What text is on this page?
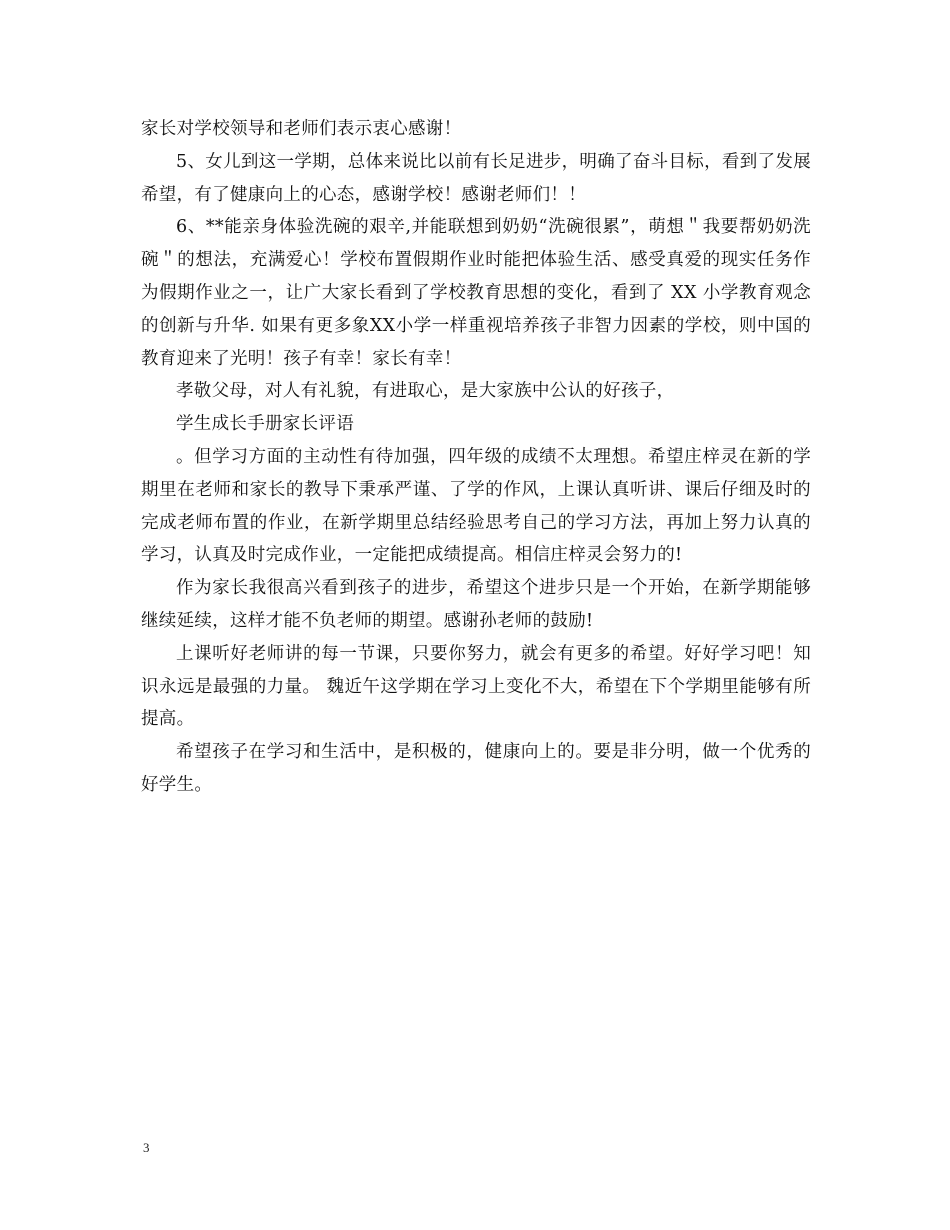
家长对学校领导和老师们表示衷心感谢！

5、女儿到这一学期，总体来说比以前有长足进步，明确了奋斗目标，看到了发展希望，有了健康向上的心态，感谢学校！感谢老师们！！

6、**能亲身体验洗碗的艰辛,并能联想到奶奶“洗碗很累”，萌想＂我要帮奶奶洗碗＂的想法，充满爱心！学校布置假期作业时能把体验生活、感受真爱的现实任务作为假期作业之一，让广大家长看到了学校教育思想的变化，看到了 XX 小学教育观念的创新与升华. 如果有更多象XX小学一样重视培养孩子非智力因素的学校，则中国的教育迎来了光明！孩子有幸！家长有幸！

孝敬父母，对人有礼貌，有进取心，是大家族中公认的好孩子，

学生成长手册家长评语

。但学习方面的主动性有待加强，四年级的成绩不太理想。希望庄梓灵在新的学期里在老师和家长的教导下秉承严谨、了学的作风，上课认真听讲、课后仔细及时的完成老师布置的作业，在新学期里总结经验思考自己的学习方法，再加上努力认真的学习，认真及时完成作业，一定能把成绩提高。相信庄梓灵会努力的!

作为家长我很高兴看到孩子的进步，希望这个进步只是一个开始，在新学期能够继续延续，这样才能不负老师的期望。感谢孙老师的鼓励!

上课听好老师讲的每一节课，只要你努力，就会有更多的希望。好好学习吧！知识永远是最强的力量。 魏近午这学期在学习上变化不大，希望在下个学期里能够有所提高。

希望孩子在学习和生活中，是积极的，健康向上的。要是非分明，做一个优秀的好学生。

3
